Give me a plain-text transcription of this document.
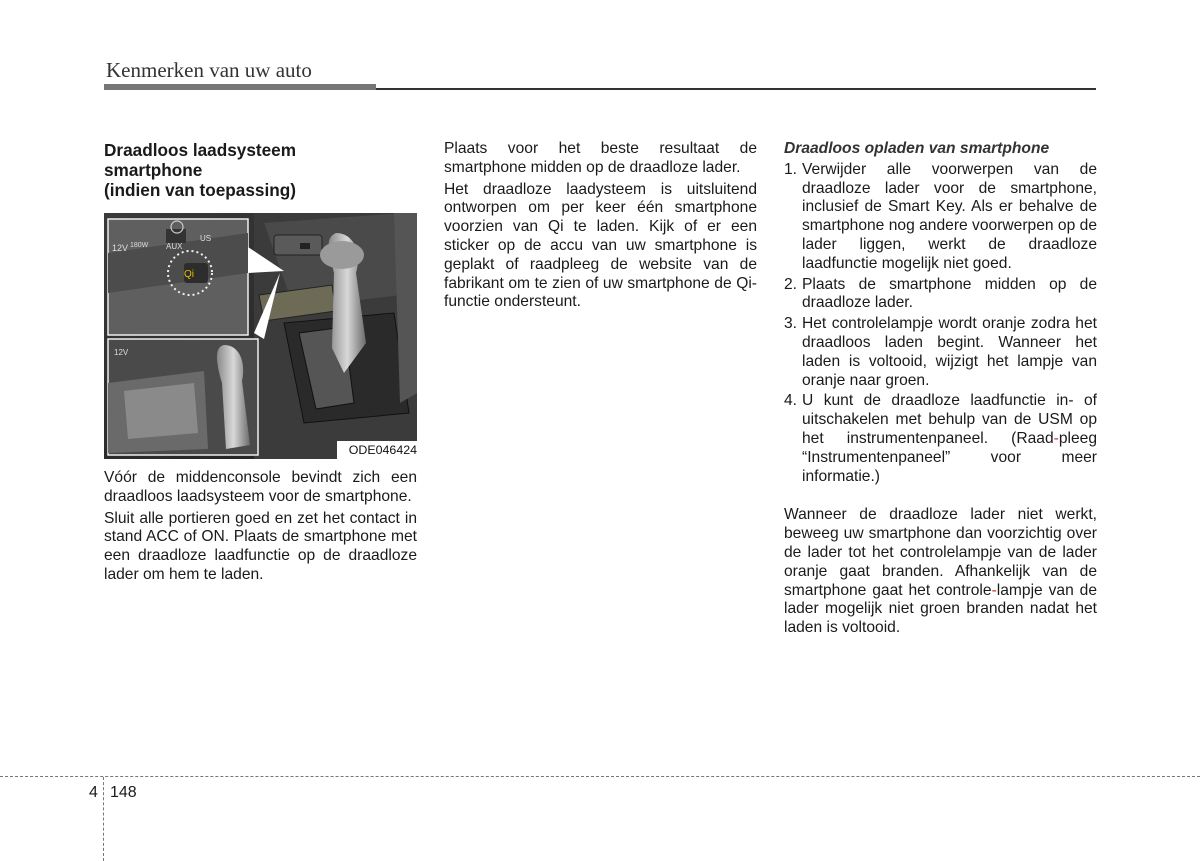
Kenmerken van uw auto
Draadloos laadsysteem
smartphone
(indien van toepassing)
Qi
12V 180W AUX
US
12V
ODE046424

Vóór de middenconsole bevindt zich een draadloos laadsysteem voor de smartphone.

Sluit alle portieren goed en zet het contact in stand ACC of ON. Plaats de smartphone met een draadloze laadfunctie op de draadloze lader om hem te laden.

Plaats voor het beste resultaat de smartphone midden op de draadloze lader.

Het draadloze laadysteem is uitsluitend ontworpen om per keer één smartphone voorzien van Qi te laden. Kijk of er een sticker op de accu van uw smartphone is geplakt of raadpleeg de website van de fabrikant om te zien of uw smartphone de Qi-functie ondersteunt.

Draadloos opladen van smartphone

1. Verwijder alle voorwerpen van de draadloze lader voor de smartphone, inclusief de Smart Key. Als er behalve de smartphone nog andere voorwerpen op de lader liggen, werkt de draadloze laadfunctie mogelijk niet goed.
2. Plaats de smartphone midden op de draadloze lader.
3. Het controlelampje wordt oranje zodra het draadloos laden begint. Wanneer het laden is voltooid, wijzigt het lampje van oranje naar groen.
4. U kunt de draadloze laadfunctie in- of uitschakelen met behulp van de USM op het instrumentenpaneel. (Raad-pleeg “Instrumentenpaneel” voor meer informatie.)

Wanneer de draadloze lader niet werkt, beweeg uw smartphone dan voorzichtig over de lader tot het controlelampje van de lader oranje gaat branden. Afhankelijk van de smartphone gaat het controle-lampje van de lader mogelijk niet groen branden nadat het laden is voltooid.

4 148
